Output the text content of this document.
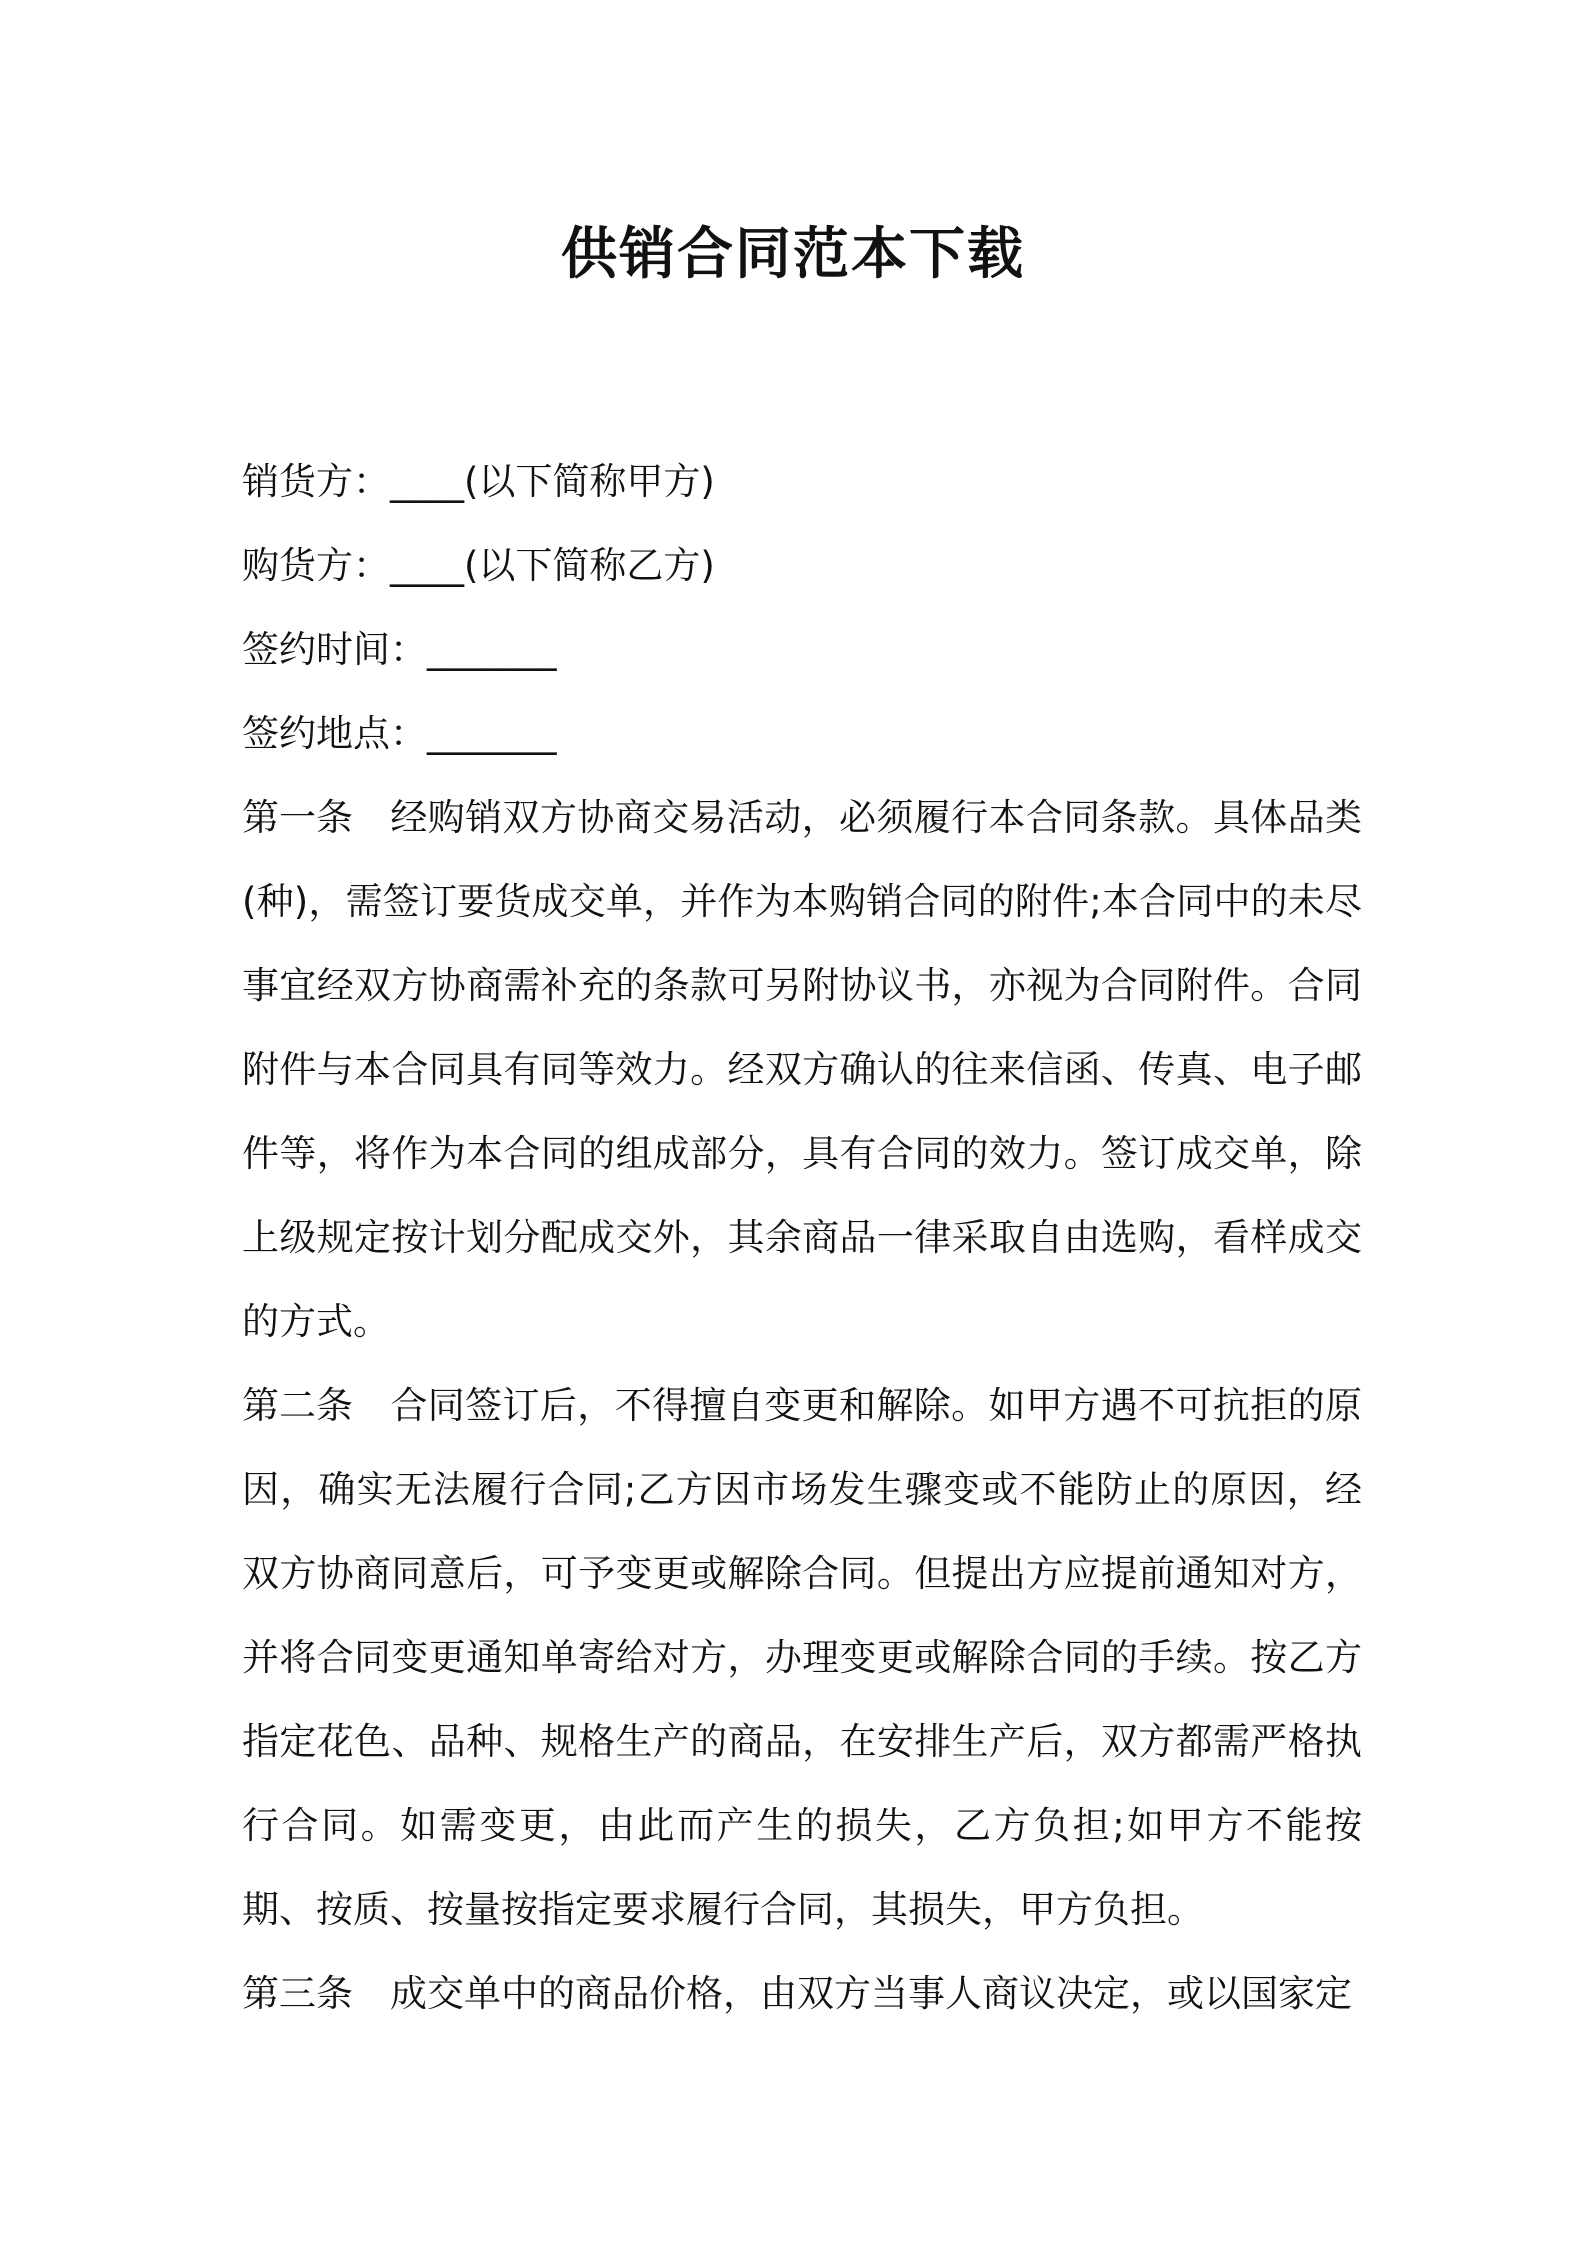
供销合同范本下载
销货方：____(以下简称甲方)
购货方：____(以下简称乙方)
签约时间：_______
签约地点：_______

第一条 经购销双方协商交易活动，必须履行本合同条款。具体品类(种)，需签订要货成交单，并作为本购销合同的附件;本合同中的未尽事宜经双方协商需补充的条款可另附协议书，亦视为合同附件。合同附件与本合同具有同等效力。经双方确认的往来信函、传真、电子邮件等，将作为本合同的组成部分，具有合同的效力。签订成交单，除上级规定按计划分配成交外，其余商品一律采取自由选购，看样成交的方式。

第二条 合同签订后，不得擅自变更和解除。如甲方遇不可抗拒的原因，确实无法履行合同;乙方因市场发生骤变或不能防止的原因，经双方协商同意后，可予变更或解除合同。但提出方应提前通知对方，并将合同变更通知单寄给对方，办理变更或解除合同的手续。按乙方指定花色、品种、规格生产的商品，在安排生产后，双方都需严格执行合同。如需变更，由此而产生的损失，乙方负担;如甲方不能按期、按质、按量按指定要求履行合同，其损失，甲方负担。

第三条 成交单中的商品价格，由双方当事人商议决定，或以国家定
